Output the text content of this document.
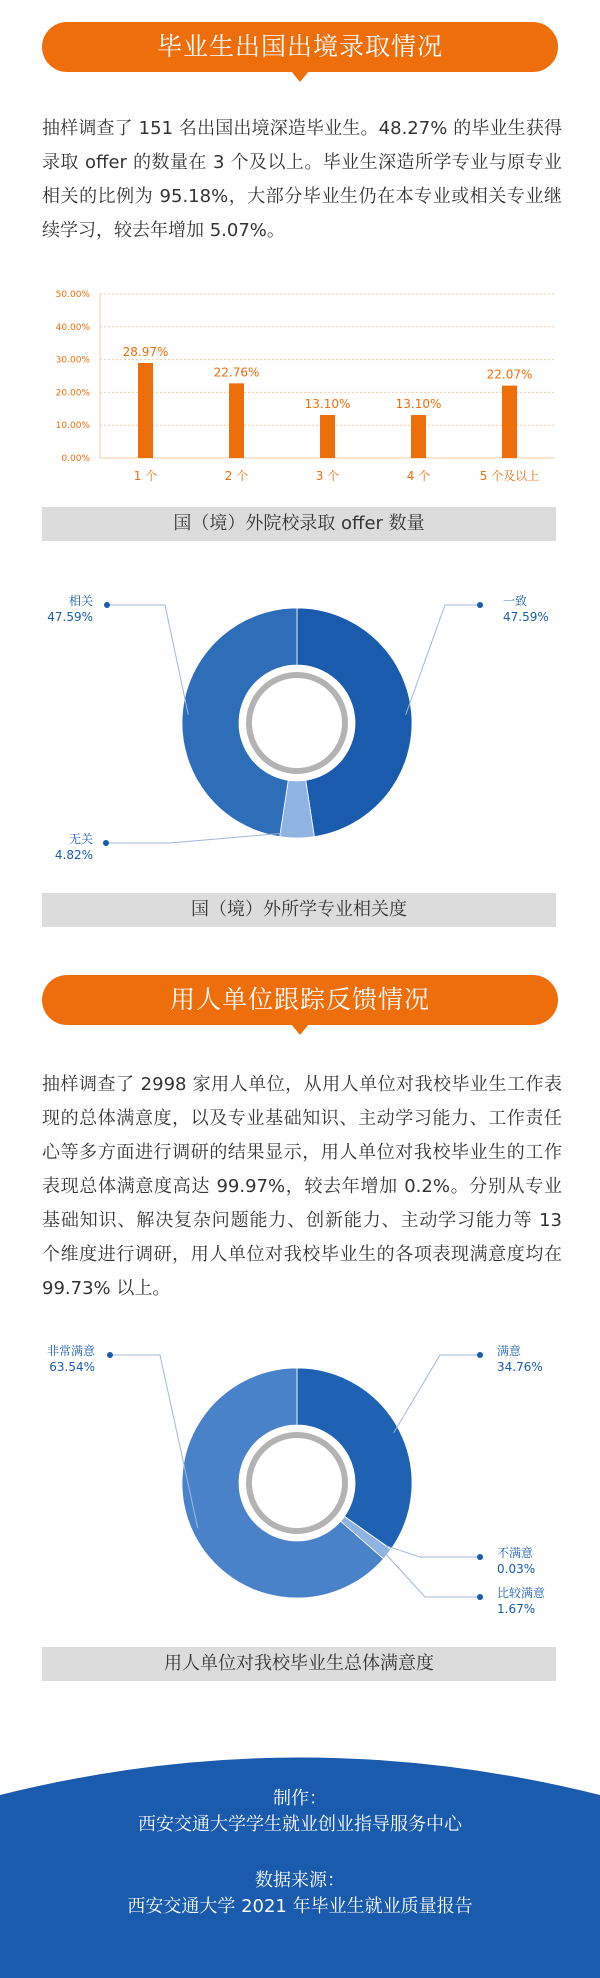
毕业生出国出境录取情况
抽样调查了 151 名出国出境深造毕业生。48.27% 的毕业生获得录取 offer 的数量在 3 个及以上。毕业生深造所学专业与原专业相关的比例为 95.18%，大部分毕业生仍在本专业或相关专业继续学习，较去年增加 5.07%。
0.00%
10.00%
20.00%
30.00%
40.00%
50.00%
28.97%
1 个
22.76%
2 个
13.10%
3 个
13.10%
4 个
22.07%
5 个及以上
国（境）外院校录取 offer 数量
一致
47.59%
无关
4.82%
相关
47.59%
国（境）外所学专业相关度
用人单位跟踪反馈情况
抽样调查了 2998 家用人单位，从用人单位对我校毕业生工作表现的总体满意度，以及专业基础知识、主动学习能力、工作责任心等多方面进行调研的结果显示，用人单位对我校毕业生的工作表现总体满意度高达 99.97%，较去年增加 0.2%。分别从专业基础知识、解决复杂问题能力、创新能力、主动学习能力等 13 个维度进行调研，用人单位对我校毕业生的各项表现满意度均在 99.73% 以上。
满意
34.76%
不满意
0.03%
比较满意
1.67%
非常满意
63.54%
用人单位对我校毕业生总体满意度
制作：
西安交通大学学生就业创业指导服务中心
数据来源：
西安交通大学 2021 年毕业生就业质量报告
